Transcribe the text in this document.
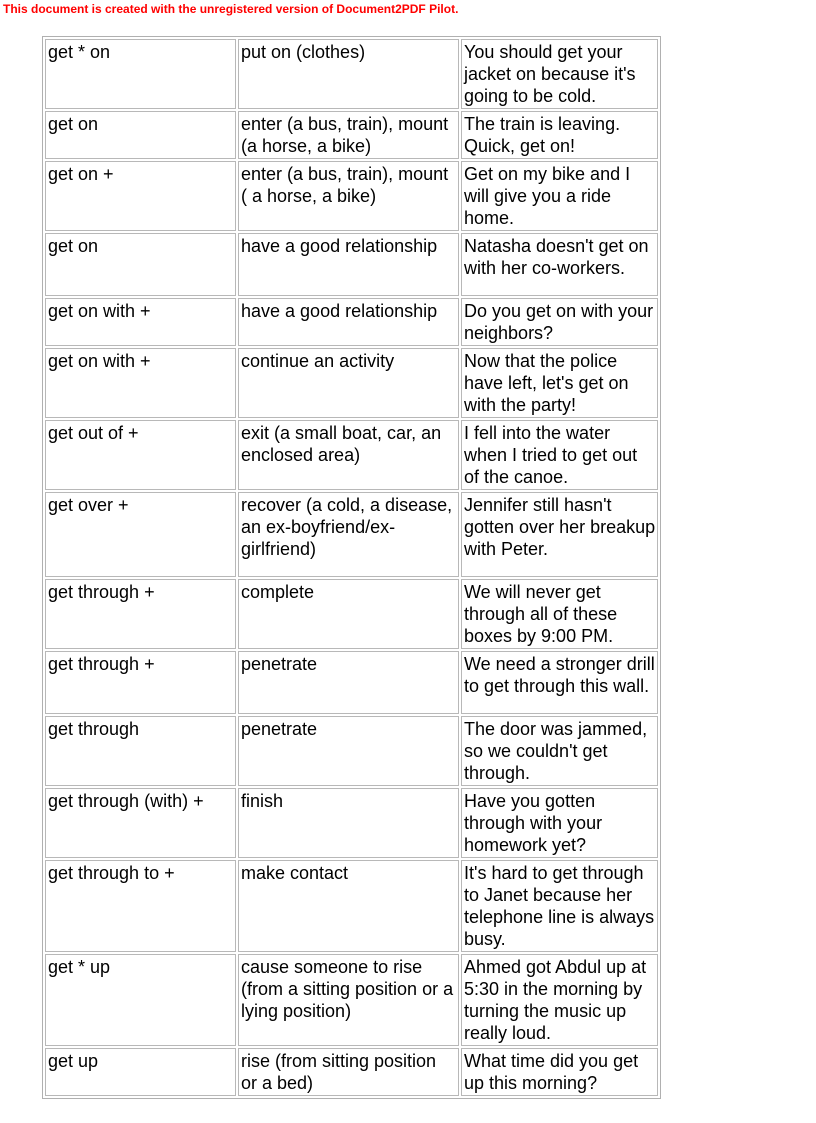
This document is created with the unregistered version of Document2PDF Pilot.
get * on	put on (clothes)	You should get your jacket on because it's going to be cold.
get on	enter (a bus, train), mount (a horse, a bike)	The train is leaving. Quick, get on!
get on +	enter (a bus, train), mount ( a horse, a bike)	Get on my bike and I will give you a ride home.
get on	have a good relationship	Natasha doesn't get on with her co-workers.
get on with +	have a good relationship	Do you get on with your neighbors?
get on with +	continue an activity	Now that the police have left, let's get on with the party!
get out of +	exit (a small boat, car, an enclosed area)	I fell into the water when I tried to get out of the canoe.
get over +	recover (a cold, a disease, an ex-boyfriend/ex-girlfriend)	Jennifer still hasn't gotten over her breakup with Peter.
get through +	complete	We will never get through all of these boxes by 9:00 PM.
get through +	penetrate	We need a stronger drill to get through this wall.
get through	penetrate	The door was jammed, so we couldn't get through.
get through (with) +	finish	Have you gotten through with your homework yet?
get through to +	make contact	It's hard to get through to Janet because her telephone line is always busy.
get * up	cause someone to rise (from a sitting position or a lying position)	Ahmed got Abdul up at 5:30 in the morning by turning the music up really loud.
get up	rise (from sitting position or a bed)	What time did you get up this morning?
